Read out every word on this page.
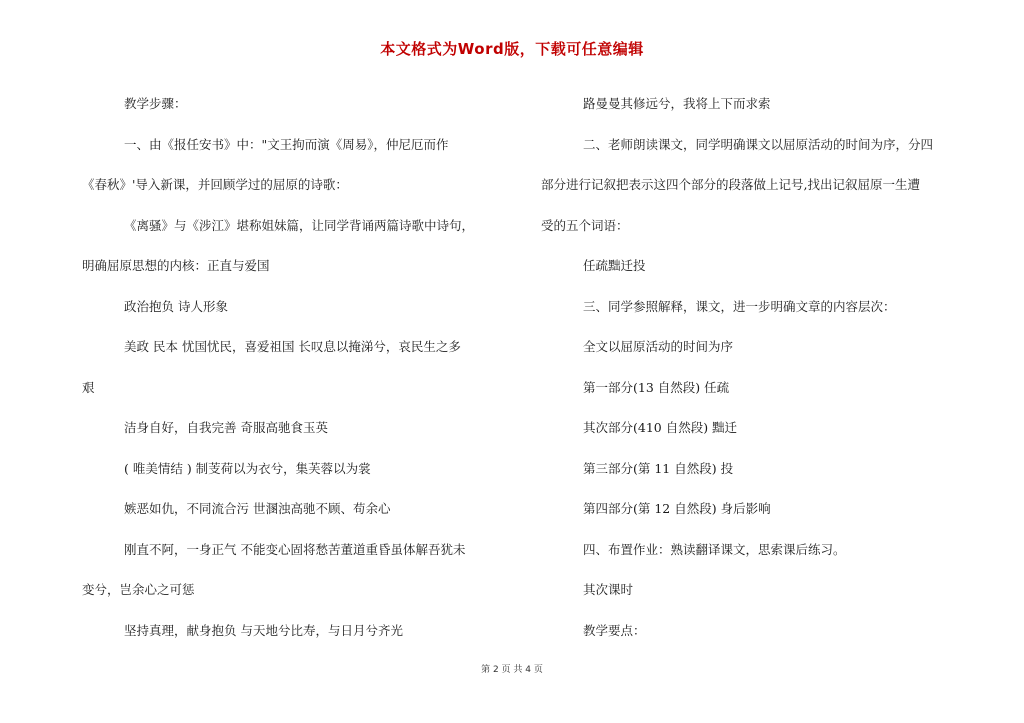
本文格式为Word版，下载可任意编辑
教学步骤：
一、由《报任安书》中："文王拘而演《周易》，仲尼厄而作
《春秋》'导入新课，并回顾学过的屈原的诗歌：
《离骚》与《涉江》堪称姐妹篇，让同学背诵两篇诗歌中诗句，
明确屈原思想的内核：正直与爱国
政治抱负 诗人形象
美政 民本 忧国忧民，喜爱祖国 长叹息以掩涕兮，哀民生之多
艰
洁身自好，自我完善 奇服高驰食玉英
( 唯美情结 ) 制芰荷以为衣兮，集芙蓉以为裳
嫉恶如仇，不同流合污 世溷浊高驰不顾、苟余心
刚直不阿，一身正气 不能变心固将愁苦董道重昏虽体解吾犹未
变兮，岂余心之可惩
坚持真理，献身抱负 与天地兮比寿，与日月兮齐光
路曼曼其修远兮，我将上下而求索
二、老师朗读课文，同学明确课文以屈原活动的时间为序，分四
部分进行记叙把表示这四个部分的段落做上记号,找出记叙屈原一生遭
受的五个词语：
任疏黜迁投
三、同学参照解释，课文，进一步明确文章的内容层次：
全文以屈原活动的时间为序
第一部分(13 自然段) 任疏
其次部分(410 自然段) 黜迁
第三部分(第 11 自然段) 投
第四部分(第 12 自然段) 身后影响
四、布置作业：熟读翻译课文，思索课后练习。
其次课时
教学要点：
第 2 页 共 4 页
